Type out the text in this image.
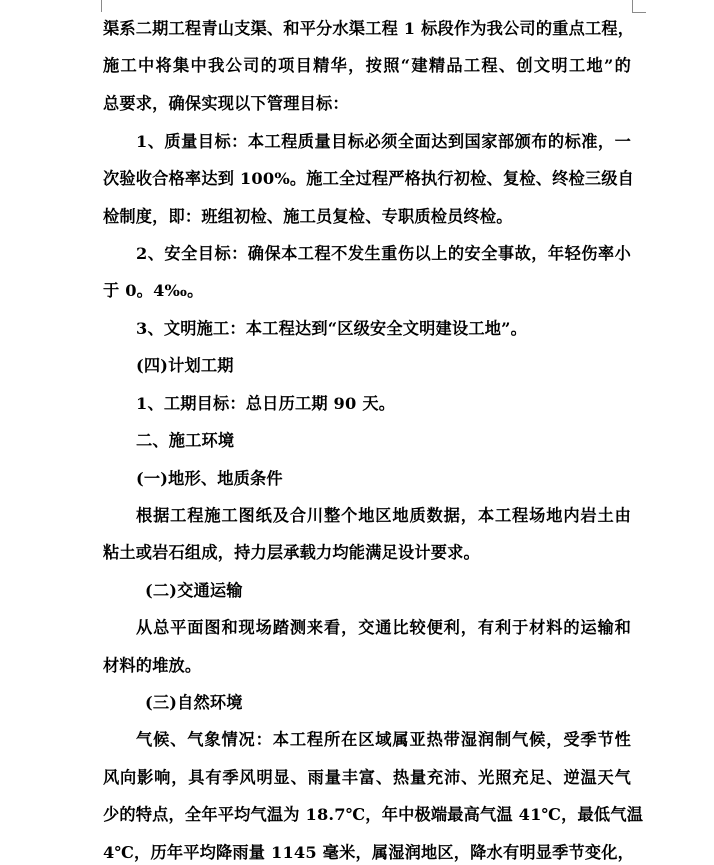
渠系二期工程青山支渠、和平分水渠工程 1 标段作为我公司的重点工程，
施工中将集中我公司的项目精华，按照“建精品工程、创文明工地”的
总要求，确保实现以下管理目标：
1、质量目标：本工程质量目标必须全面达到国家部颁布的标准，一
次验收合格率达到 100%。施工全过程严格执行初检、复检、终检三级自
检制度，即：班组初检、施工员复检、专职质检员终检。
2、安全目标：确保本工程不发生重伤以上的安全事故，年轻伤率小
于 0。4‰。
3、文明施工：本工程达到“区级安全文明建设工地”。
(四)计划工期
1、工期目标：总日历工期 90 天。
二、施工环境
(一)地形、地质条件
根据工程施工图纸及合川整个地区地质数据，本工程场地内岩土由
粘土或岩石组成，持力层承载力均能满足设计要求。
(二)交通运输
从总平面图和现场踏测来看，交通比较便利，有利于材料的运输和
材料的堆放。
(三)自然环境
气候、气象情况：本工程所在区域属亚热带湿润制气候，受季节性
风向影响，具有季风明显、雨量丰富、热量充沛、光照充足、逆温天气
少的特点，全年平均气温为 18.7℃，年中极端最高气温 41℃，最低气温
4℃，历年平均降雨量 1145 毫米，属湿润地区，降水有明显季节变化，
